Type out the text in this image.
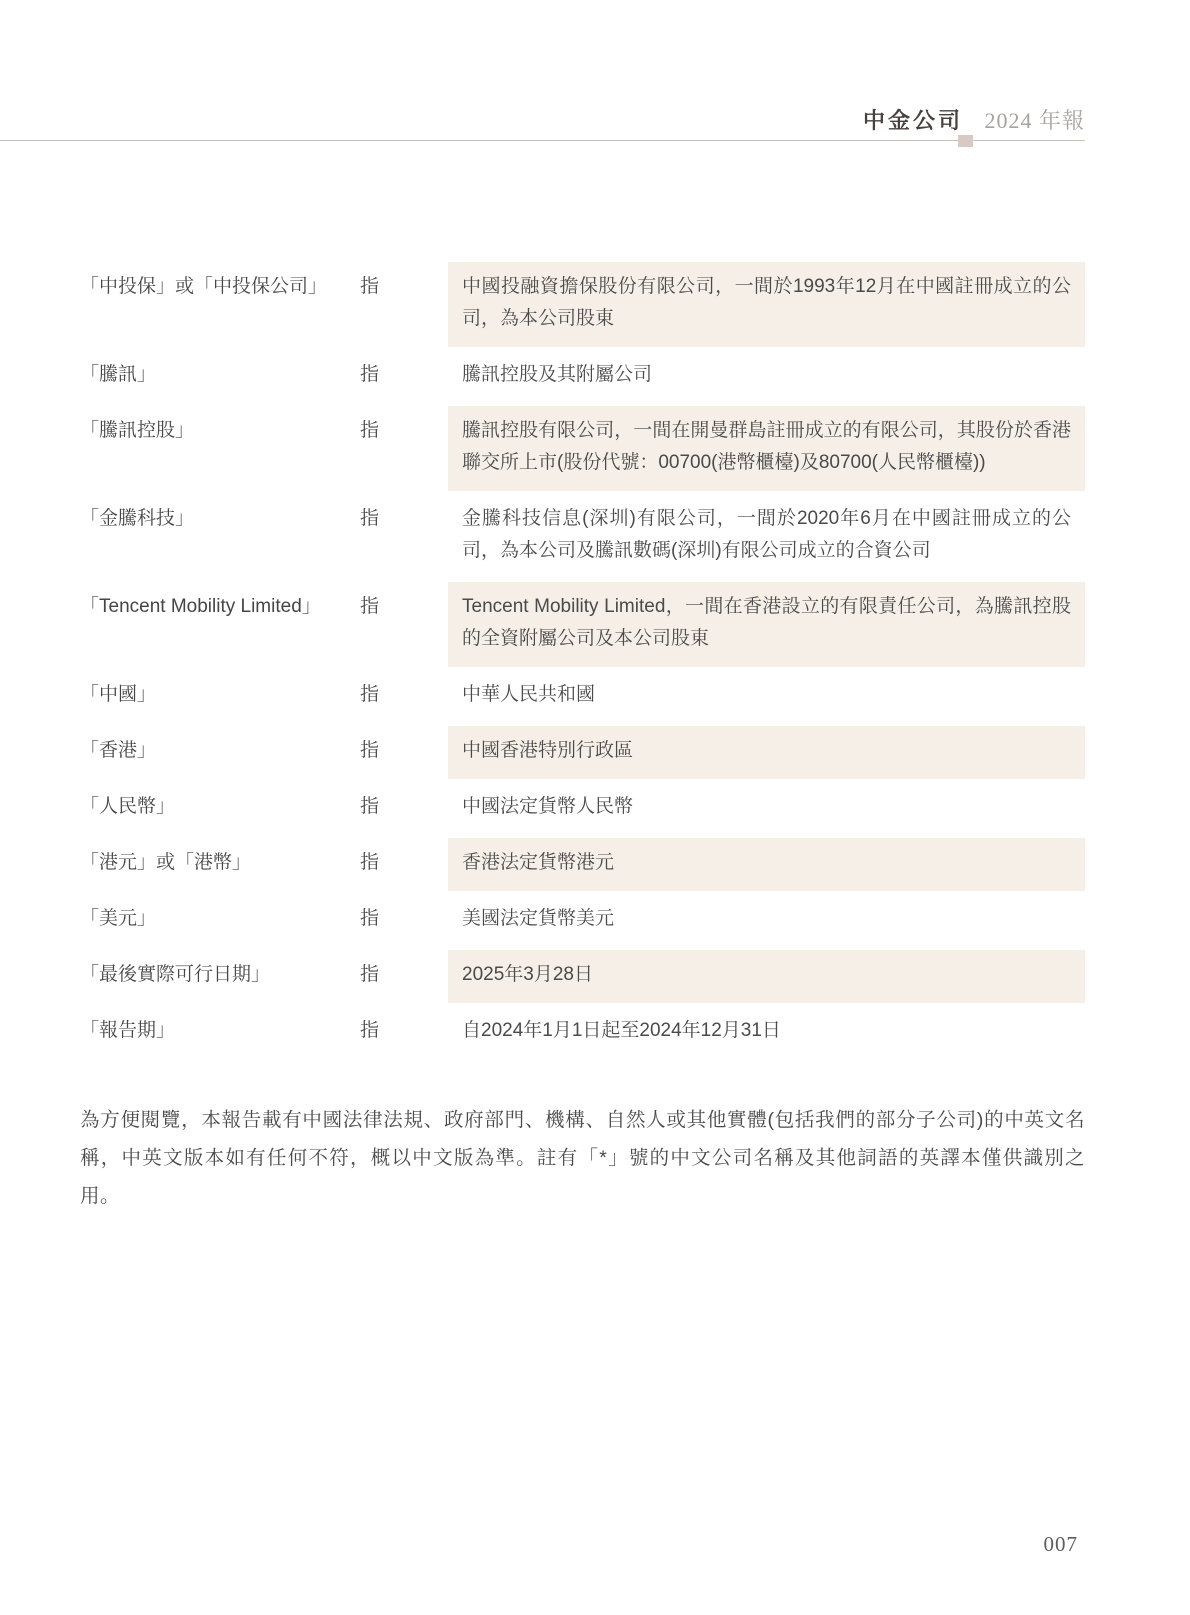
中金公司 2024 年報
「中投保」或「中投保公司」	指	中國投融資擔保股份有限公司，一間於1993年12月在中國註冊成立的公司，為本公司股東
「騰訊」	指	騰訊控股及其附屬公司
「騰訊控股」	指	騰訊控股有限公司，一間在開曼群島註冊成立的有限公司，其股份於香港聯交所上市(股份代號：00700(港幣櫃檯)及80700(人民幣櫃檯))
「金騰科技」	指	金騰科技信息(深圳)有限公司，一間於2020年6月在中國註冊成立的公司，為本公司及騰訊數碼(深圳)有限公司成立的合資公司
「Tencent Mobility Limited」	指	Tencent Mobility Limited，一間在香港設立的有限責任公司，為騰訊控股的全資附屬公司及本公司股東
「中國」	指	中華人民共和國
「香港」	指	中國香港特別行政區
「人民幣」	指	中國法定貨幣人民幣
「港元」或「港幣」	指	香港法定貨幣港元
「美元」	指	美國法定貨幣美元
「最後實際可行日期」	指	2025年3月28日
「報告期」	指	自2024年1月1日起至2024年12月31日
為方便閱覽，本報告載有中國法律法規、政府部門、機構、自然人或其他實體(包括我們的部分子公司)的中英文名稱，中英文版本如有任何不符，概以中文版為準。註有「*」號的中文公司名稱及其他詞語的英譯本僅供識別之用。
007
